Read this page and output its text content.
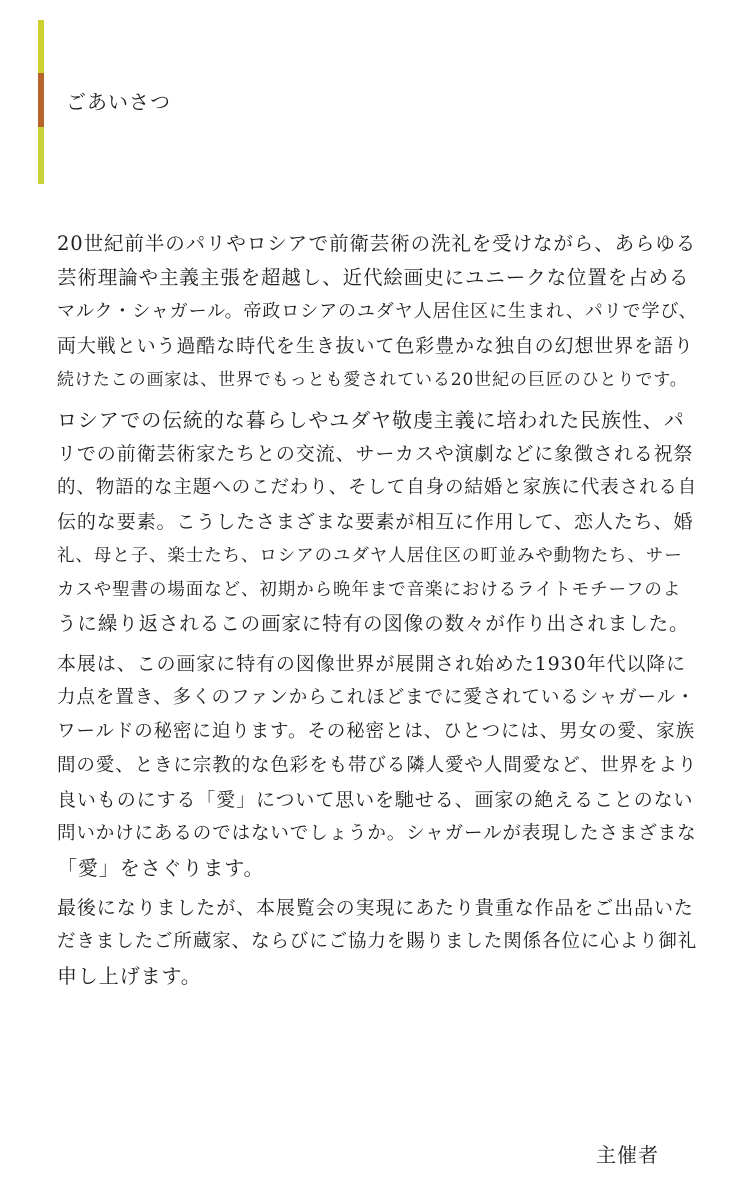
ごあいさつ
20世紀前半のパリやロシアで前衛芸術の洗礼を受けながら、あらゆる
芸術理論や主義主張を超越し、近代絵画史にユニークな位置を占める
マルク・シャガール。帝政ロシアのユダヤ人居住区に生まれ、パリで学び、
両大戦という過酷な時代を生き抜いて色彩豊かな独自の幻想世界を語り
続けたこの画家は、世界でもっとも愛されている20世紀の巨匠のひとりです。
ロシアでの伝統的な暮らしやユダヤ敬虔主義に培われた民族性、パ
リでの前衛芸術家たちとの交流、サーカスや演劇などに象徴される祝祭
的、物語的な主題へのこだわり、そして自身の結婚と家族に代表される自
伝的な要素。こうしたさまざまな要素が相互に作用して、恋人たち、婚
礼、母と子、楽士たち、ロシアのユダヤ人居住区の町並みや動物たち、サー
カスや聖書の場面など、初期から晩年まで音楽におけるライトモチーフのよ
うに繰り返されるこの画家に特有の図像の数々が作り出されました。
本展は、この画家に特有の図像世界が展開され始めた1930年代以降に
力点を置き、多くのファンからこれほどまでに愛されているシャガール・
ワールドの秘密に迫ります。その秘密とは、ひとつには、男女の愛、家族
間の愛、ときに宗教的な色彩をも帯びる隣人愛や人間愛など、世界をより
良いものにする「愛」について思いを馳せる、画家の絶えることのない
問いかけにあるのではないでしょうか。シャガールが表現したさまざまな
「愛」をさぐります。
最後になりましたが、本展覧会の実現にあたり貴重な作品をご出品いた
だきましたご所蔵家、ならびにご協力を賜りました関係各位に心より御礼
申し上げます。
主催者
